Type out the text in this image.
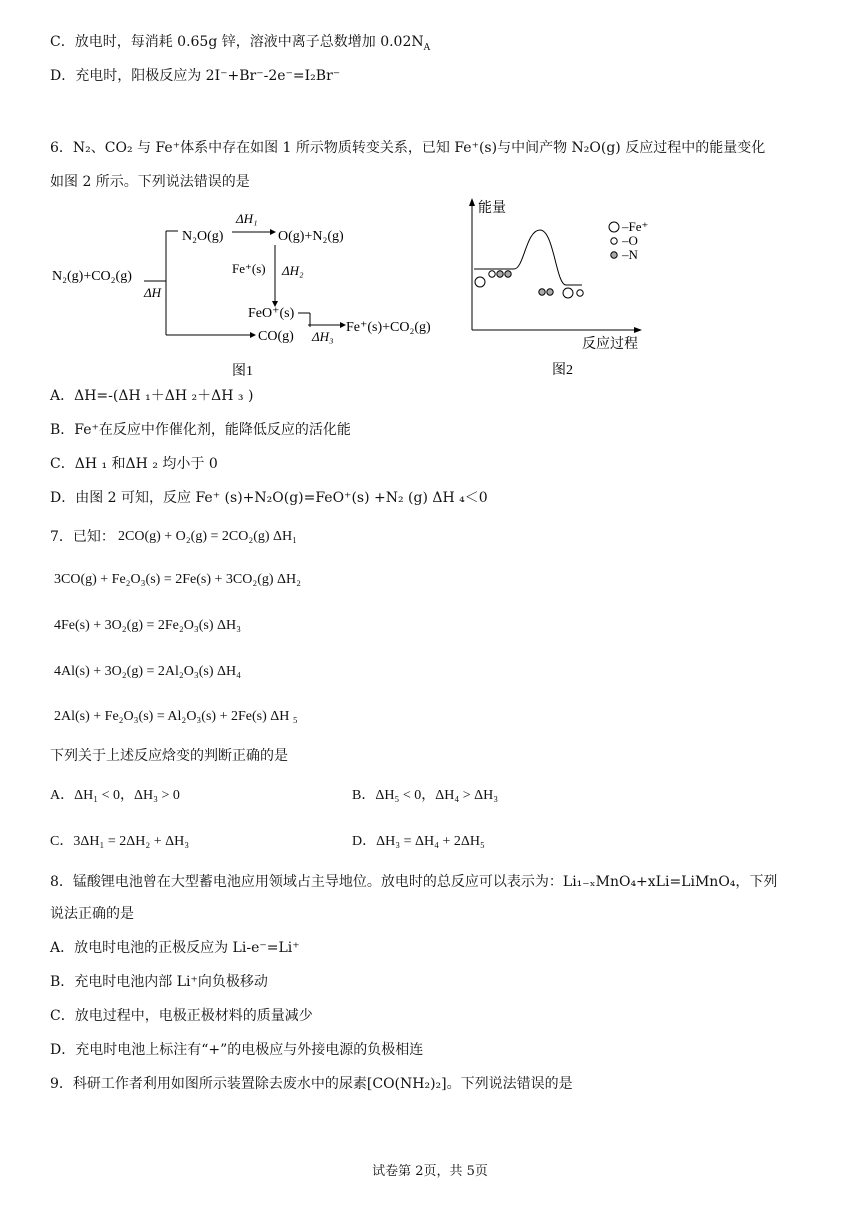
C．放电时，每消耗 0.65g 锌，溶液中离子总数增加 $0.02N_A$
D．充电时，阳极反应为 2I⁻+Br⁻-2e⁻=I₂Br⁻
6．N₂、CO₂ 与 Fe⁺体系中存在如图 1 所示物质转变关系，已知 Fe⁺(s)与中间产物 N₂O(g) 反应过程中的能量变化
如图 2 所示。下列说法错误的是
N₂O(g)
ΔH₁
O(g)+N₂(g)
N₂(g)+CO₂(g)
ΔH
Fe⁺(s) ΔH₂
FeO⁺(s)
CO(g) ΔH₃
Fe⁺(s)+CO₂(g)
图1
能量
反应过程
–Fe⁺
–O
–N
图2
A．ΔH=-(ΔH ₁＋ΔH ₂＋ΔH ₃ )
B．Fe⁺在反应中作催化剂，能降低反应的活化能
C．ΔH ₁ 和ΔH ₂ 均小于 0
D．由图 2 可知，反应 Fe⁺ (s)+N₂O(g)=FeO⁺(s) +N₂ (g) ΔH ₄＜0
7．已知： 2CO(g) + O₂(g) = 2CO₂(g) ΔH₁
3CO(g) + Fe₂O₃(s) = 2Fe(s) + 3CO₂(g) ΔH₂
4Fe(s) + 3O₂(g) = 2Fe₂O₃(s) ΔH₃
4Al(s) + 3O₂(g) = 2Al₂O₃(s) ΔH₄
2Al(s) + Fe₂O₃(s) = Al₂O₃(s) + 2Fe(s) ΔH ₅
下列关于上述反应焓变的判断正确的是
A．ΔH₁ < 0，ΔH₃ > 0	B．ΔH₅ < 0，ΔH₄ > ΔH₃
C．3ΔH₁ = 2ΔH₂ + ΔH₃	D．ΔH₃ = ΔH₄ + 2ΔH₅
8．锰酸锂电池曾在大型蓄电池应用领域占主导地位。放电时的总反应可以表示为：Li₁₋ₓMnO₄+xLi=LiMnO₄，下列
说法正确的是
A．放电时电池的正极反应为 Li-e⁻=Li⁺
B．充电时电池内部 Li⁺向负极移动
C．放电过程中，电极正极材料的质量减少
D．充电时电池上标注有“+”的电极应与外接电源的负极相连
9．科研工作者利用如图所示装置除去废水中的尿素[CO(NH₂)₂]。下列说法错误的是
试卷第 2页，共 5页
